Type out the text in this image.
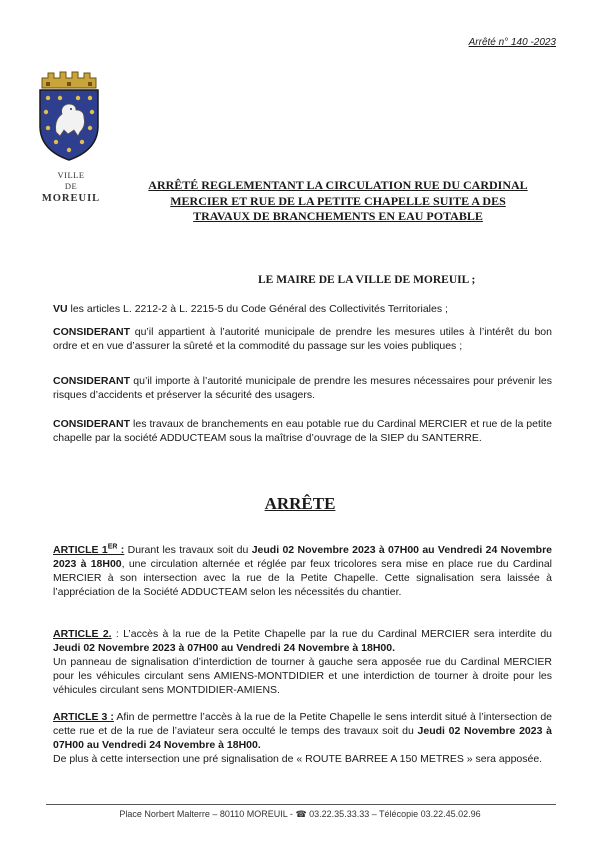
Arrêté n° 140 -2023
VILLE
DE
MOREUIL
ARRÊTÉ REGLEMENTANT LA CIRCULATION RUE DU CARDINAL
MERCIER ET RUE DE LA PETITE CHAPELLE SUITE A DES
TRAVAUX DE BRANCHEMENTS EN EAU POTABLE
LE MAIRE DE LA VILLE DE MOREUIL ;
VU les articles L. 2212-2 à L. 2215-5 du Code Général des Collectivités Territoriales ;
CONSIDERANT qu’il appartient à l’autorité municipale de prendre les mesures utiles à l’intérêt du bon ordre et en vue d’assurer la sûreté et la commodité du passage sur les voies publiques ;
CONSIDERANT qu’il importe à l’autorité municipale de prendre les mesures nécessaires pour prévenir les risques d’accidents et préserver la sécurité des usagers.
CONSIDERANT les travaux de branchements en eau potable rue du Cardinal MERCIER et rue de la petite chapelle par la société ADDUCTEAM sous la maîtrise d’ouvrage de la SIEP du SANTERRE.
ARRÊTE
ARTICLE 1ER : Durant les travaux soit du Jeudi 02 Novembre 2023 à 07H00 au Vendredi 24 Novembre 2023 à 18H00, une circulation alternée et réglée par feux tricolores sera mise en place rue du Cardinal MERCIER à son intersection avec la rue de la Petite Chapelle. Cette signalisation sera laissée à l’appréciation de la Société ADDUCTEAM selon les nécessités du chantier.
ARTICLE 2. : L’accès à la rue de la Petite Chapelle par la rue du Cardinal MERCIER sera interdite du Jeudi 02 Novembre 2023 à 07H00 au Vendredi 24 Novembre à 18H00.
Un panneau de signalisation d’interdiction de tourner à gauche sera apposée rue du Cardinal MERCIER pour les véhicules circulant sens AMIENS-MONTDIDIER et une interdiction de tourner à droite pour les véhicules circulant sens MONTDIDIER-AMIENS.
ARTICLE 3 : Afin de permettre l’accès à la rue de la Petite Chapelle le sens interdit situé à l’intersection de cette rue et de la rue de l’aviateur sera occulté le temps des travaux soit du Jeudi 02 Novembre 2023 à 07H00 au Vendredi 24 Novembre à 18H00.
De plus à cette intersection une pré signalisation de « ROUTE BARREE A 150 METRES » sera apposée.
Place Norbert Malterre – 80110 MOREUIL - ☎ 03.22.35.33.33 – Télécopie 03.22.45.02.96
